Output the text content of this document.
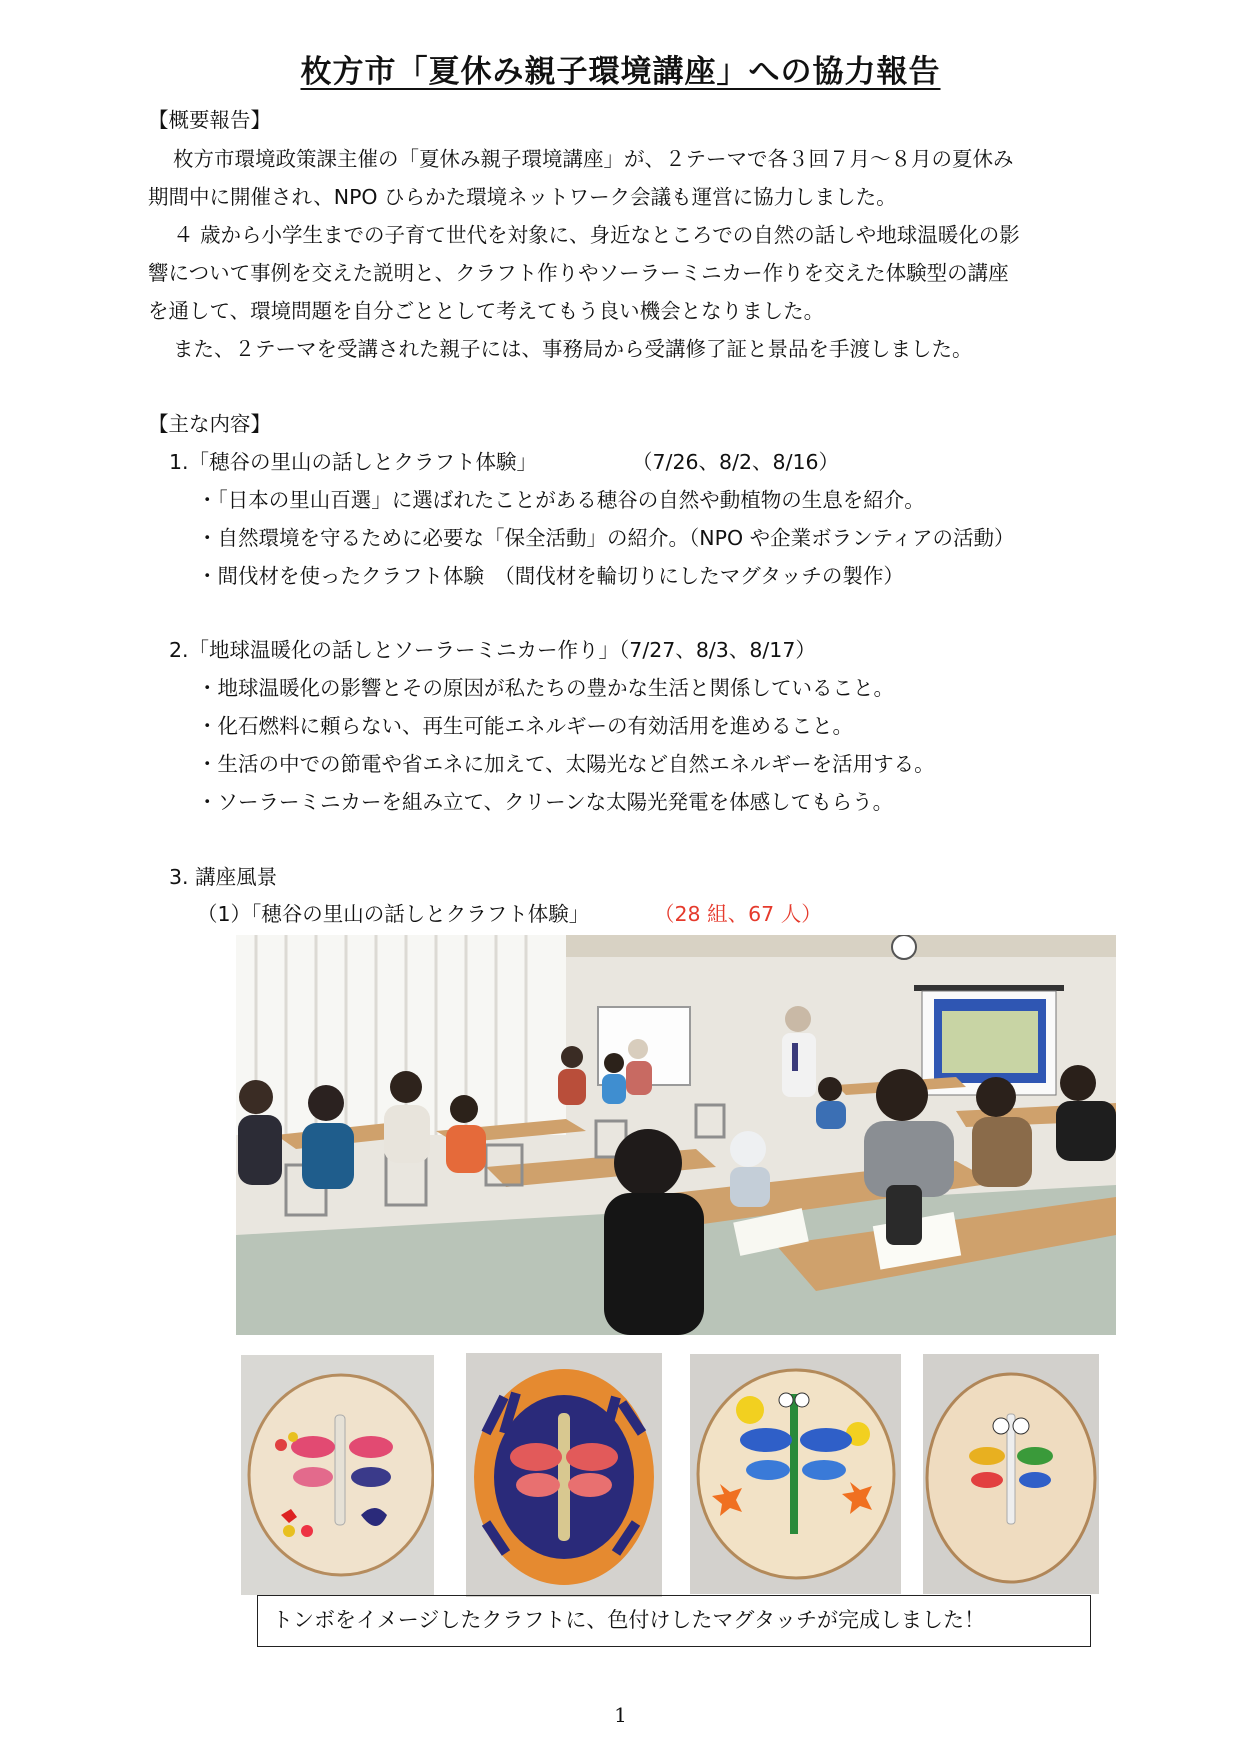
枚方市「夏休み親子環境講座」への協力報告
【概要報告】
枚方市環境政策課主催の「夏休み親子環境講座」が、２テーマで各３回７月〜８月の夏休み
期間中に開催され、NPO ひらかた環境ネットワーク会議も運営に協力しました。
４ 歳から小学生までの子育て世代を対象に、身近なところでの自然の話しや地球温暖化の影
響について事例を交えた説明と、クラフト作りやソーラーミニカー作りを交えた体験型の講座
を通して、環境問題を自分ごととして考えてもう良い機会となりました。
また、２テーマを受講された親子には、事務局から受講修了証と景品を手渡しました。
【主な内容】
1.「穂谷の里山の話しとクラフト体験」	（7/26、8/2、8/16）
・「日本の里山百選」に選ばれたことがある穂谷の自然や動植物の生息を紹介。
・自然環境を守るために必要な「保全活動」の紹介。（NPO や企業ボランティアの活動）
・間伐材を使ったクラフト体験　（間伐材を輪切りにしたマグタッチの製作）
2.「地球温暖化の話しとソーラーミニカー作り」（7/27、8/3、8/17）
・地球温暖化の影響とその原因が私たちの豊かな生活と関係していること。
・化石燃料に頼らない、再生可能エネルギーの有効活用を進めること。
・生活の中での節電や省エネに加えて、太陽光など自然エネルギーを活用する。
・ソーラーミニカーを組み立て、クリーンな太陽光発電を体感してもらう。
3. 講座風景
（1）「穂谷の里山の話しとクラフト体験」	（28 組、67 人）
トンボをイメージしたクラフトに、色付けしたマグタッチが完成しました！
1
